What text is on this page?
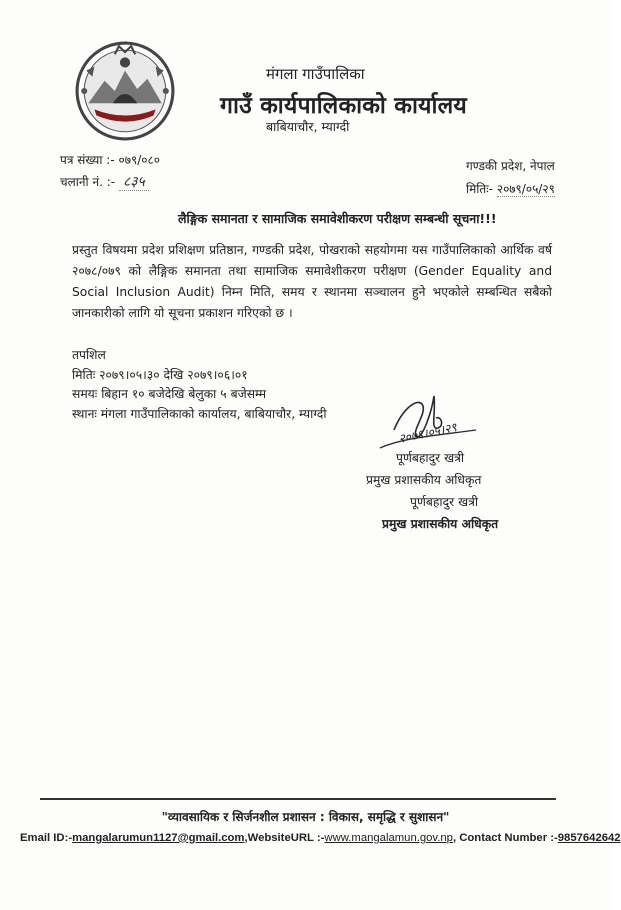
मंगला गाउँपालिका
गाउँ कार्यपालिकाको कार्यालय
बाबियाचौर, म्याग्दी
पत्र संख्या :- ०७९/०८०
चलानी नं. :- ८३५
गण्डकी प्रदेश, नेपाल
मितिः- २०७९/०५/२९
लैङ्गिक समानता र सामाजिक समावेशीकरण परीक्षण सम्बन्धी सूचना!!!
प्रस्तुत विषयमा प्रदेश प्रशिक्षण प्रतिष्ठान, गण्डकी प्रदेश, पोखराको सहयोगमा यस गाउँपालिकाको आर्थिक वर्ष २०७८/०७९ को लैङ्गिक समानता तथा सामाजिक समावेशीकरण परीक्षण (Gender Equality and Social Inclusion Audit) निम्न मिति, समय र स्थानमा सञ्चालन हुने भएकोले सम्बन्धित सबैको जानकारीको लागि यो सूचना प्रकाशन गरिएको छ ।
तपशिल
मितिः २०७९।०५।३० देखि २०७९।०६।०१
समयः बिहान १० बजेदेखि बेलुका ५ बजेसम्म
स्थानः मंगला गाउँपालिकाको कार्यालय, बाबियाचौर, म्याग्दी
२०७९।०५।२९
पूर्णबहादुर खत्री
प्रमुख प्रशासकीय अधिकृत
पूर्णबहादुर खत्री
प्रमुख प्रशासकीय अधिकृत
"व्यावसायिक र सिर्जनशील प्रशासन : विकास, समृद्धि र सुशासन"
Email ID:-mangalarumun1127@gmail.com,WebsiteURL :-www.mangalamun.gov.np, Contact Number :-9857642642
